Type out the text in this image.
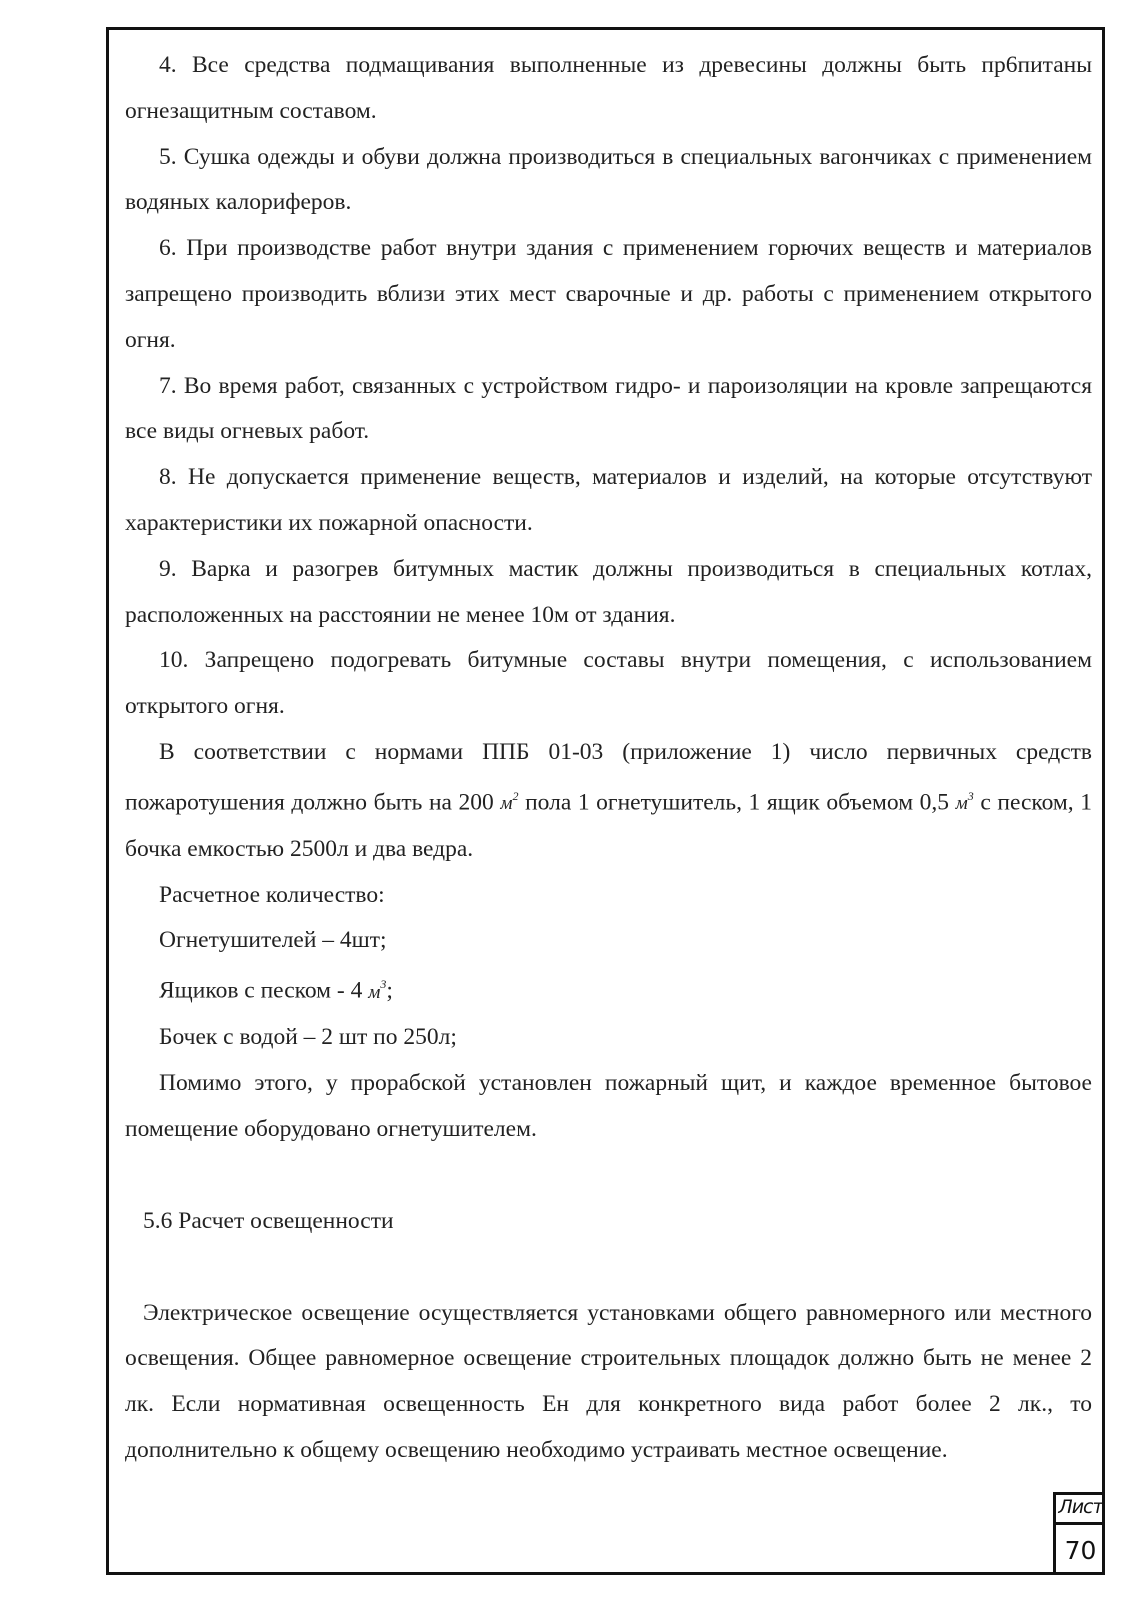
4. Все средства подмащивания выполненные из древесины должны быть пр6питаны огнезащитным составом.

5. Сушка одежды и обуви должна производиться в специальных вагончиках с применением водяных калориферов.

6. При производстве работ внутри здания с применением горючих веществ и материалов запрещено производить вблизи этих мест сварочные и др. работы с применением открытого огня.

7. Во время работ, связанных с устройством гидро- и пароизоляции на кровле запрещаются все виды огневых работ.

8. Не допускается применение веществ, материалов и изделий, на которые отсутствуют характеристики их пожарной опасности.

9. Варка и разогрев битумных мастик должны производиться в специальных котлах, расположенных на расстоянии не менее 10м от здания.

10. Запрещено подогревать битумные составы внутри помещения, с использованием открытого огня.

В соответствии с нормами ППБ 01-03 (приложение 1) число первичных средств пожаротушения должно быть на 200 $м^2$ пола 1 огнетушитель, 1 ящик объемом 0,5 $м^3$ с песком, 1 бочка емкостью 2500л и два ведра.

Расчетное количество:

Огнетушителей – 4шт;

Ящиков с песком - 4 $м^3$;

Бочек с водой – 2 шт по 250л;

Помимо этого, у прорабской установлен пожарный щит, и каждое временное бытовое помещение оборудовано огнетушителем.

5.6 Расчет освещенности

Электрическое освещение осуществляется установками общего равномерного или местного освещения. Общее равномерное освещение строительных площадок должно быть не менее 2 лк. Если нормативная освещенность Ен для конкретного вида работ более 2 лк., то дополнительно к общему освещению необходимо устраивать местное освещение.

Лист
70
